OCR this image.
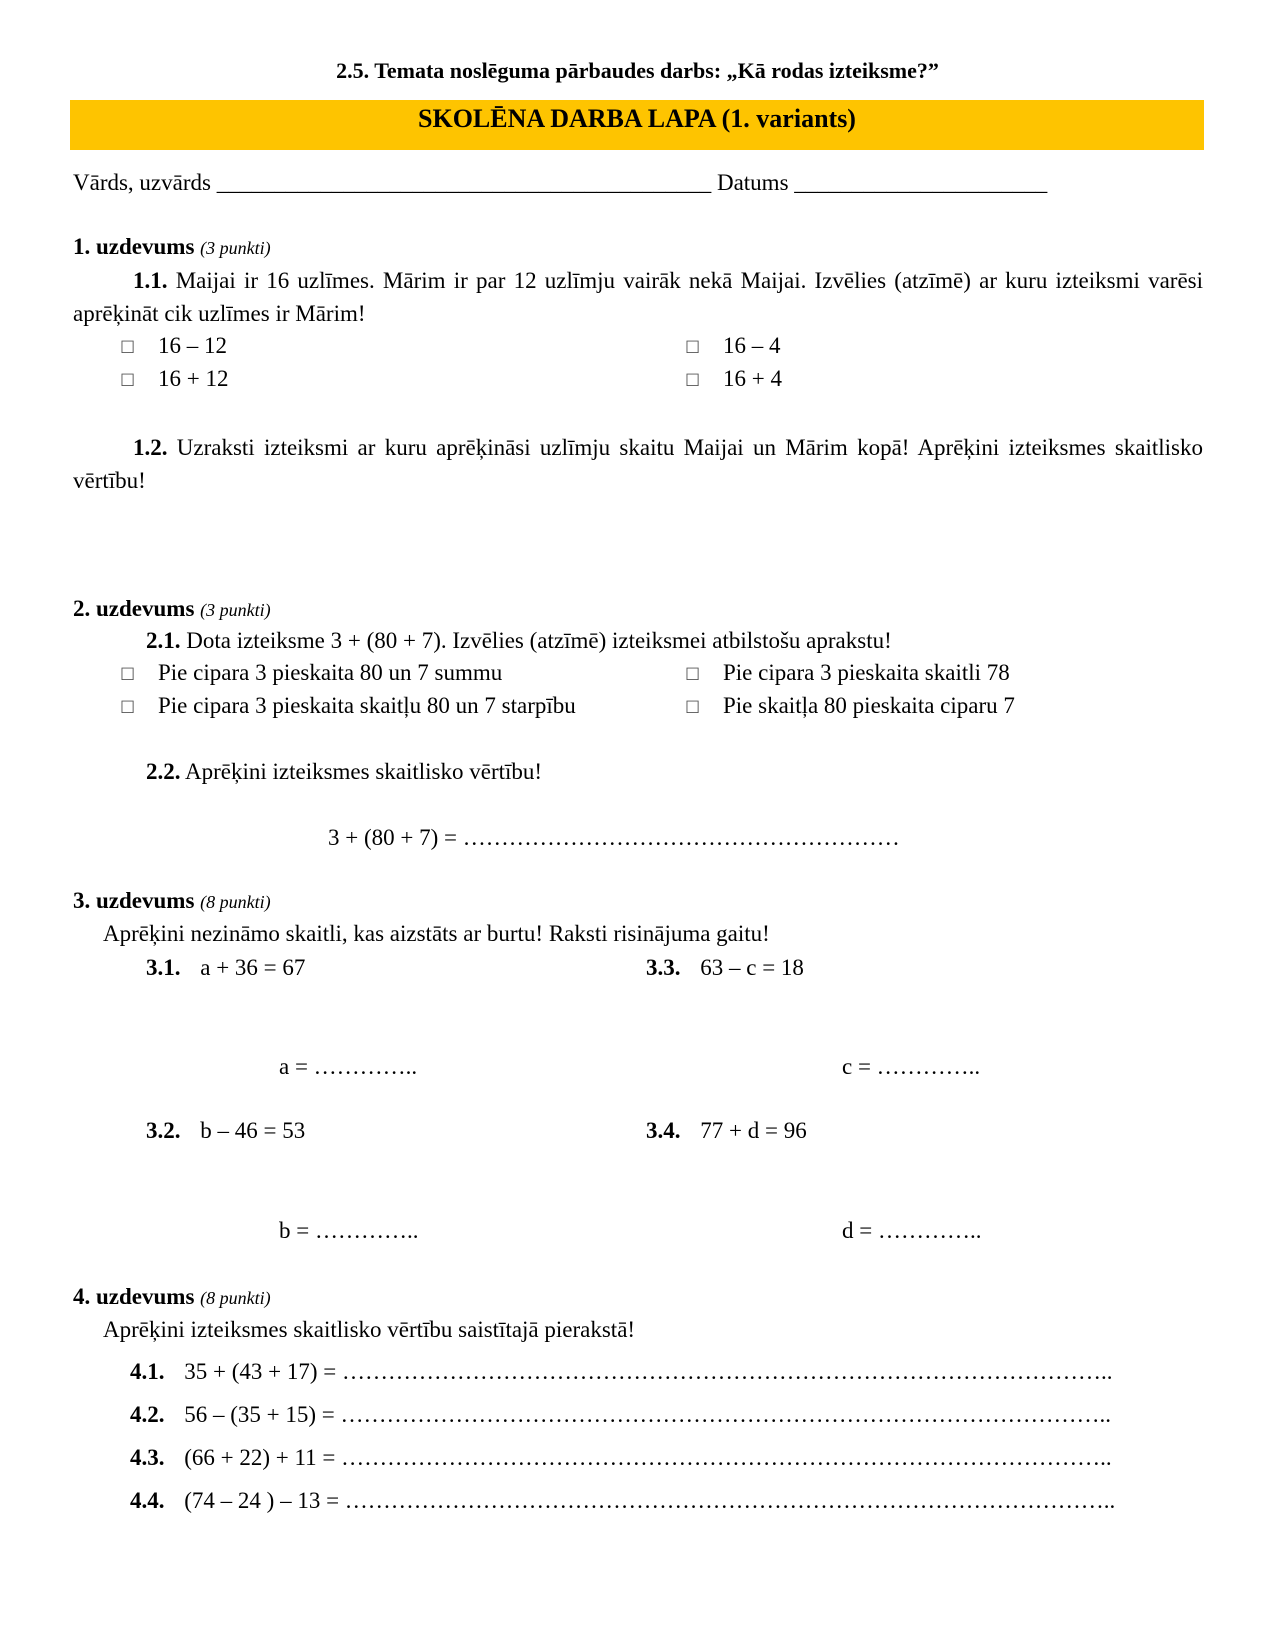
2.5. Temata noslēguma pārbaudes darbs: „Kā rodas izteiksme?”
SKOLĒNA DARBA LAPA (1. variants)
Vārds, uzvārds ___________________________________________ Datums ______________________
1. uzdevums (3 punkti)
1.1. Maijai ir 16 uzlīmes. Mārim ir par 12 uzlīmju vairāk nekā Maijai. Izvēlies (atzīmē) ar kuru izteiksmi varēsi aprēķināt cik uzlīmes ir Mārim!
☐ 16 – 12	☐ 16 – 4
☐ 16 + 12	☐ 16 + 4
1.2. Uzraksti izteiksmi ar kuru aprēķināsi uzlīmju skaitu Maijai un Mārim kopā! Aprēķini izteiksmes skaitlisko vērtību!
2. uzdevums (3 punkti)
2.1. Dota izteiksme 3 + (80 + 7). Izvēlies (atzīmē) izteiksmei atbilstošu aprakstu!
☐ Pie cipara 3 pieskaita 80 un 7 summu	☐ Pie cipara 3 pieskaita skaitli 78
☐ Pie cipara 3 pieskaita skaitļu 80 un 7 starpību	☐ Pie skaitļa 80 pieskaita ciparu 7
2.2. Aprēķini izteiksmes skaitlisko vērtību!
3 + (80 + 7) = …………………………………………………
3. uzdevums (8 punkti)
Aprēķini nezināmo skaitli, kas aizstāts ar burtu! Raksti risinājuma gaitu!
3.1. a + 36 = 67	3.3. 63 – c = 18
a = …………..	c = …………..
3.2. b – 46 = 53	3.4. 77 + d = 96
b = …………..	d = …………..
4. uzdevums (8 punkti)
Aprēķini izteiksmes skaitlisko vērtību saistītajā pierakstā!
4.1. 35 + (43 + 17) = ………………………………………………………………………………………..
4.2. 56 – (35 + 15) = ………………………………………………………………………………………..
4.3. (66 + 22) + 11 = ………………………………………………………………………………………..
4.4. (74 – 24 ) – 13 = ………………………………………………………………………………………..
